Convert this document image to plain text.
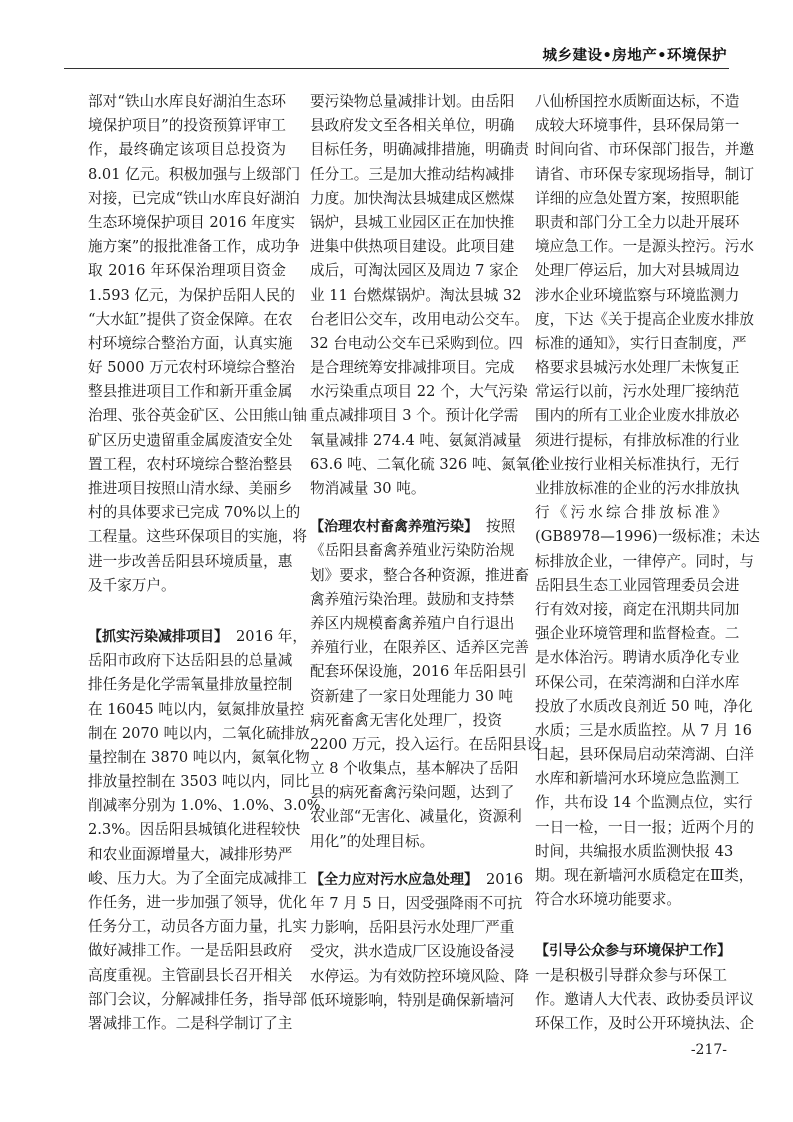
城乡建设•房地产•环境保护
部对“铁山水库良好湖泊生态环
境保护项目”的投资预算评审工
作，最终确定该项目总投资为
8.01 亿元。积极加强与上级部门
对接，已完成“铁山水库良好湖泊
生态环境保护项目 2016 年度实
施方案”的报批准备工作，成功争
取 2016 年环保治理项目资金
1.593 亿元，为保护岳阳人民的
“大水缸”提供了资金保障。在农
村环境综合整治方面，认真实施
好 5000 万元农村环境综合整治
整县推进项目工作和新开重金属
治理、张谷英金矿区、公田熊山铀
矿区历史遗留重金属废渣安全处
置工程，农村环境综合整治整县
推进项目按照山清水绿、美丽乡
村的具体要求已完成 70%以上的
工程量。这些环保项目的实施，将
进一步改善岳阳县环境质量，惠
及千家万户。
【抓实污染减排项目】 2016 年，
岳阳市政府下达岳阳县的总量减
排任务是化学需氧量排放量控制
在 16045 吨以内，氨氮排放量控
制在 2070 吨以内，二氧化硫排放
量控制在 3870 吨以内，氮氧化物
排放量控制在 3503 吨以内，同比
削减率分别为 1.0%、1.0%、3.0%、
2.3%。因岳阳县城镇化进程较快
和农业面源增量大，减排形势严
峻、压力大。为了全面完成减排工
作任务，进一步加强了领导，优化
任务分工，动员各方面力量，扎实
做好减排工作。一是岳阳县政府
高度重视。主管副县长召开相关
部门会议，分解减排任务，指导部
署减排工作。二是科学制订了主
要污染物总量减排计划。由岳阳
县政府发文至各相关单位，明确
目标任务，明确减排措施，明确责
任分工。三是加大推动结构减排
力度。加快淘汰县城建成区燃煤
锅炉，县城工业园区正在加快推
进集中供热项目建设。此项目建
成后，可淘汰园区及周边 7 家企
业 11 台燃煤锅炉。淘汰县城 32
台老旧公交车，改用电动公交车。
32 台电动公交车已采购到位。四
是合理统筹安排减排项目。完成
水污染重点项目 22 个，大气污染
重点减排项目 3 个。预计化学需
氧量减排 274.4 吨、氨氮消减量
63.6 吨、二氧化硫 326 吨、氮氧化
物消减量 30 吨。
【治理农村畜禽养殖污染】 按照
《岳阳县畜禽养殖业污染防治规
划》要求，整合各种资源，推进畜
禽养殖污染治理。鼓励和支持禁
养区内规模畜禽养殖户自行退出
养殖行业，在限养区、适养区完善
配套环保设施，2016 年岳阳县引
资新建了一家日处理能力 30 吨
病死畜禽无害化处理厂，投资
2200 万元，投入运行。在岳阳县设
立 8 个收集点，基本解决了岳阳
县的病死畜禽污染问题，达到了
农业部“无害化、减量化，资源利
用化”的处理目标。
【全力应对污水应急处理】 2016
年 7 月 5 日，因受强降雨不可抗
力影响，岳阳县污水处理厂严重
受灾，洪水造成厂区设施设备浸
水停运。为有效防控环境风险、降
低环境影响，特别是确保新墙河
八仙桥国控水质断面达标，不造
成较大环境事件，县环保局第一
时间向省、市环保部门报告，并邀
请省、市环保专家现场指导，制订
详细的应急处置方案，按照职能
职责和部门分工全力以赴开展环
境应急工作。一是源头控污。污水
处理厂停运后，加大对县城周边
涉水企业环境监察与环境监测力
度，下达《关于提高企业废水排放
标准的通知》，实行日查制度，严
格要求县城污水处理厂未恢复正
常运行以前，污水处理厂接纳范
围内的所有工业企业废水排放必
须进行提标，有排放标准的行业
企业按行业相关标准执行，无行
业排放标准的企业的污水排放执
行《污水综合排放标准》
(GB8978—1996)一级标准；未达
标排放企业，一律停产。同时，与
岳阳县生态工业园管理委员会进
行有效对接，商定在汛期共同加
强企业环境管理和监督检查。二
是水体治污。聘请水质净化专业
环保公司，在荣湾湖和白洋水库
投放了水质改良剂近 50 吨，净化
水质；三是水质监控。从 7 月 16
日起，县环保局启动荣湾湖、白洋
水库和新墙河水环境应急监测工
作，共布设 14 个监测点位，实行
一日一检，一日一报；近两个月的
时间，共编报水质监测快报 43
期。现在新墙河水质稳定在Ⅲ类，
符合水环境功能要求。
【引导公众参与环境保护工作】
一是积极引导群众参与环保工
作。邀请人大代表、政协委员评议
环保工作，及时公开环境执法、企
-217-
